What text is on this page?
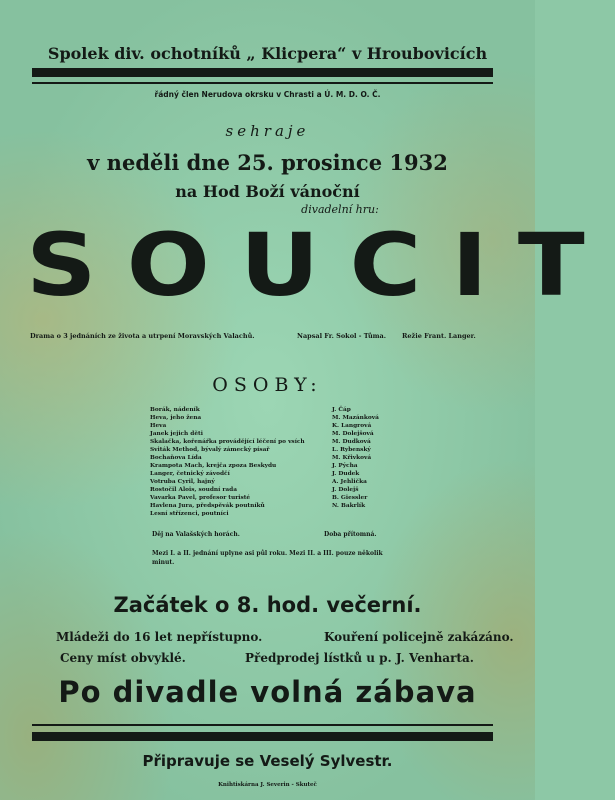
Spolek div. ochotníků „ Klicpera“ v Hroubovicích
řádný člen Nerudova okrsku v Chrasti a Ú. M. D. O. Č.
sehraje
v neděli dne 25. prosince 1932
na Hod Boží vánoční
divadelní hru:
SOUCIT
Drama o 3 jednáních ze života a utrpení Moravských Valachů.	Napsal Fr. Sokol - Tůma. Režie Frant. Langer.
OSOBY:
Borák, nádeník	J. Čáp
Heva, jeho žena	M. Mazánková
Heva	K. Langrová
Janek jejich děti	M. Dolejšová
Skalačka, kořenářka provádějící léčení po vsích	M. Dudková
Sviták Method, bývalý zámecký písař	L. Rybenský
Bochaňova Lída	M. Křivková
Krampota Mach, krejča zpoza Beskydu	J. Pýcha
Langer, četnický závodčí	J. Dudek
Votruba Cyril, hajný	A. Jehlička
Rostočil Alois, soudní rada	J. Dolejš
Vavarka Pavel, profesor turisté	B. Giessler
Havlena Jura, předspěvák poutníků	N. Bakrlík
Lesní střízenci, poutníci
Děj na Valašských horách.	Doba přítomná.
Mezi I. a II. jednání uplyne asi půl roku. Mezi II. a III. pouze několik minut.
Začátek o 8. hod. večerní.
Mládeži do 16 let nepřístupno.	Kouření policejně zakázáno.
Ceny míst obvyklé.	Předprodej lístků u p. J. Venharta.
Po divadle volná zábava
Připravuje se Veselý Sylvestr.
Knihtiskárna J. Severin - Skuteč
